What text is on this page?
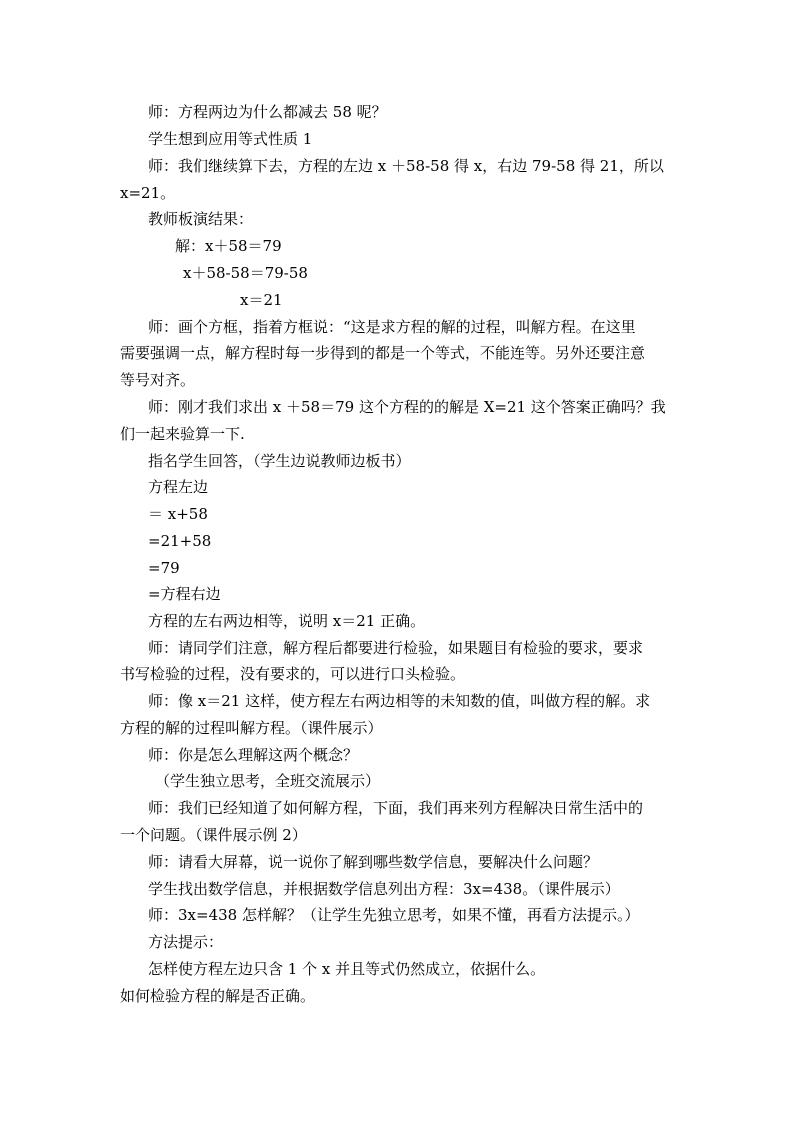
师：方程两边为什么都减去 58 呢？
学生想到应用等式性质 1
师：我们继续算下去，方程的左边 x ＋58-58 得 x，右边 79-58 得 21，所以
x=21。
教师板演结果：
解：x＋58＝79
x＋58-58＝79-58
x＝21
师：画个方框，指着方框说：“这是求方程的解的过程，叫解方程。在这里
需要强调一点，解方程时每一步得到的都是一个等式，不能连等。另外还要注意
等号对齐。
师：刚才我们求出 x ＋58＝79 这个方程的的解是 X=21 这个答案正确吗？我
们一起来验算一下.
指名学生回答，（学生边说教师边板书）
方程左边
＝ x+58
=21+58
=79
=方程右边
方程的左右两边相等，说明 x＝21 正确。
师：请同学们注意，解方程后都要进行检验，如果题目有检验的要求，要求
书写检验的过程，没有要求的，可以进行口头检验。
师：像 x＝21 这样，使方程左右两边相等的未知数的值，叫做方程的解。求
方程的解的过程叫解方程。（课件展示）
师：你是怎么理解这两个概念？
（学生独立思考，全班交流展示）
师：我们已经知道了如何解方程，下面，我们再来列方程解决日常生活中的
一个问题。（课件展示例 2）
师：请看大屏幕，说一说你了解到哪些数学信息，要解决什么问题？
学生找出数学信息，并根据数学信息列出方程：3x=438。（课件展示）
师：3x=438 怎样解？（让学生先独立思考，如果不懂，再看方法提示。）
方法提示：
怎样使方程左边只含 1 个 x 并且等式仍然成立，依据什么。
如何检验方程的解是否正确。
